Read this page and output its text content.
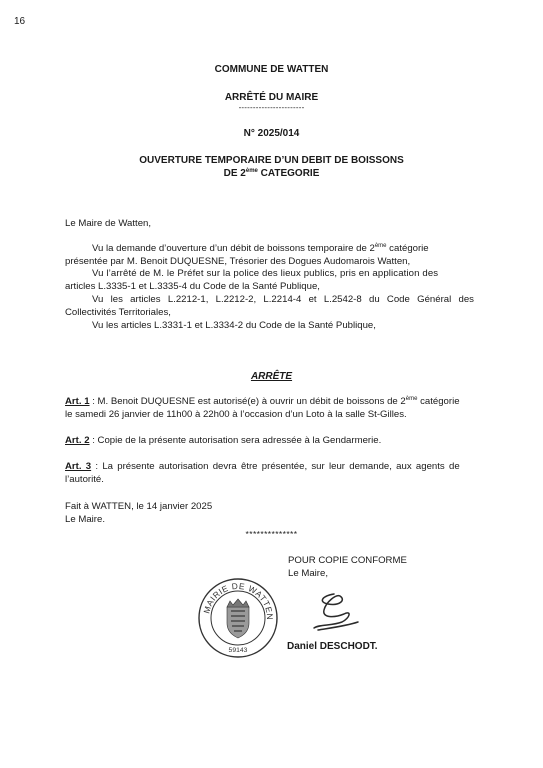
16
COMMUNE DE WATTEN
ARRÊTÉ DU MAIRE
-----------------------
N° 2025/014
OUVERTURE TEMPORAIRE D’UN DEBIT DE BOISSONS
DE 2ème CATEGORIE
Le Maire de Watten,
Vu la demande d’ouverture d’un débit de boissons temporaire de 2ème catégorie
présentée par M. Benoit DUQUESNE, Trésorier des Dogues Audomarois Watten,
Vu l’arrêté de M. le Préfet sur la police des lieux publics, pris en application des
articles L.3335-1 et L.3335-4 du Code de la Santé Publique,
Vu les articles L.2212-1, L.2212-2, L.2214-4 et L.2542-8 du Code Général des
Collectivités Territoriales,
Vu les articles L.3331-1 et L.3334-2 du Code de la Santé Publique,
ARRÊTE
Art. 1 : M. Benoit DUQUESNE est autorisé(e) à ouvrir un débit de boissons de 2ème catégorie
le samedi 26 janvier de 11h00 à 22h00 à l’occasion d’un Loto à la salle St-Gilles.
Art. 2 : Copie de la présente autorisation sera adressée à la Gendarmerie.
Art. 3 : La présente autorisation devra être présentée, sur leur demande, aux agents de
l’autorité.
Fait à WATTEN, le 14 janvier 2025
Le Maire.
**************
POUR COPIE CONFORME
Le Maire,
MAIRIE DE WATTEN
59143	Daniel DESCHODT.
